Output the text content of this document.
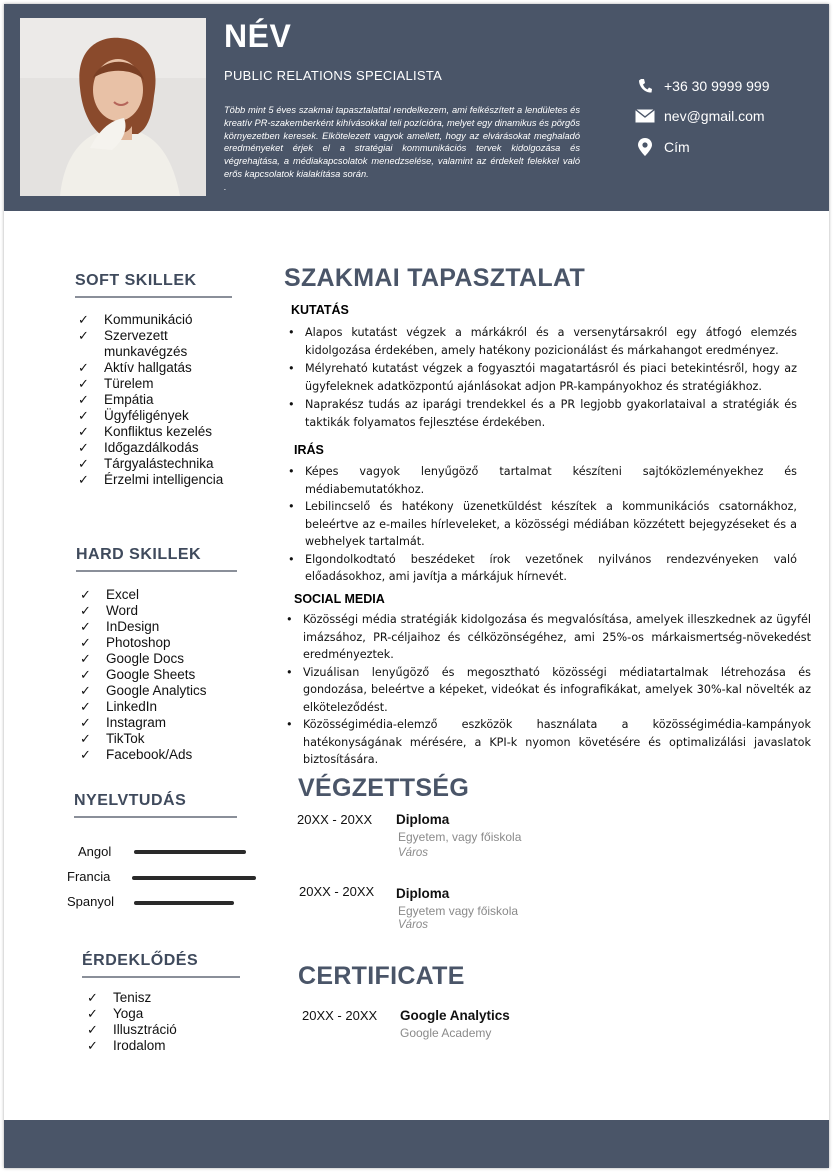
NÉV
PUBLIC RELATIONS SPECIALISTA
Több mint 5 éves szakmai tapasztalattal rendelkezem, ami felkészített a lendületes és kreatív PR-szakemberként kihívásokkal teli pozícióra, melyet egy dinamikus és pörgős környezetben keresek. Elkötelezett vagyok amellett, hogy az elvárásokat meghaladó eredményeket érjek el a stratégiai kommunikációs tervek kidolgozása és végrehajtása, a médiakapcsolatok menedzselése, valamint az érdekelt felekkel való erős kapcsolatok kialakítása során.
.
+36 30 9999 999
nev@gmail.com
Cím
SOFT SKILLEK
✓ Kommunikáció
✓ Szervezett munkavégzés
✓ Aktív hallgatás
✓ Türelem
✓ Empátia
✓ Ügyféligények
✓ Konfliktus kezelés
✓ Időgazdálkodás
✓ Tárgyalástechnika
✓ Érzelmi intelligencia
HARD SKILLEK
✓ Excel
✓ Word
✓ InDesign
✓ Photoshop
✓ Google Docs
✓ Google Sheets
✓ Google Analytics
✓ LinkedIn
✓ Instagram
✓ TikTok
✓ Facebook/Ads
NYELVTUDÁS
Angol
Francia
Spanyol
ÉRDEKLŐDÉS
✓ Tenisz
✓ Yoga
✓ Illusztráció
✓ Irodalom
SZAKMAI TAPASZTALAT
KUTATÁS
• Alapos kutatást végzek a márkákról és a versenytársakról egy átfogó elemzés kidolgozása érdekében, amely hatékony pozicionálást és márkahangot eredményez.
• Mélyreható kutatást végzek a fogyasztói magatartásról és piaci betekintésről, hogy az ügyfeleknek adatközpontú ajánlásokat adjon PR-kampányokhoz és stratégiákhoz.
• Naprakész tudás az iparági trendekkel és a PR legjobb gyakorlataival a stratégiák és taktikák folyamatos fejlesztése érdekében.
IRÁS
• Képes vagyok lenyűgöző tartalmat készíteni sajtóközleményekhez és médiabemutatókhoz.
• Lebilincselő és hatékony üzenetküldést készítek a kommunikációs csatornákhoz, beleértve az e-mailes hírleveleket, a közösségi médiában közzétett bejegyzéseket és a webhelyek tartalmát.
• Elgondolkodtató beszédeket írok vezetőnek nyilvános rendezvényeken való előadásokhoz, ami javítja a márkájuk hírnevét.
SOCIAL MEDIA
• Közösségi média stratégiák kidolgozása és megvalósítása, amelyek illeszkednek az ügyfél imázsához, PR-céljaihoz és célközönségéhez, ami 25%-os márkaismertség-növekedést eredményeztek.
• Vizuálisan lenyűgöző és megosztható közösségi médiatartalmak létrehozása és gondozása, beleértve a képeket, videókat és infografikákat, amelyek 30%-kal növelték az elköteleződést.
• Közösségimédia-elemző eszközök használata a közösségimédia-kampányok hatékonyságának mérésére, a KPI-k nyomon követésére és optimalizálási javaslatok biztosítására.
VÉGZETTSÉG
20XX - 20XX Diploma
Egyetem, vagy főiskola
Város
20XX - 20XX Diploma
Egyetem vagy főiskola
Város
CERTIFICATE
20XX - 20XX Google Analytics
Google Academy
